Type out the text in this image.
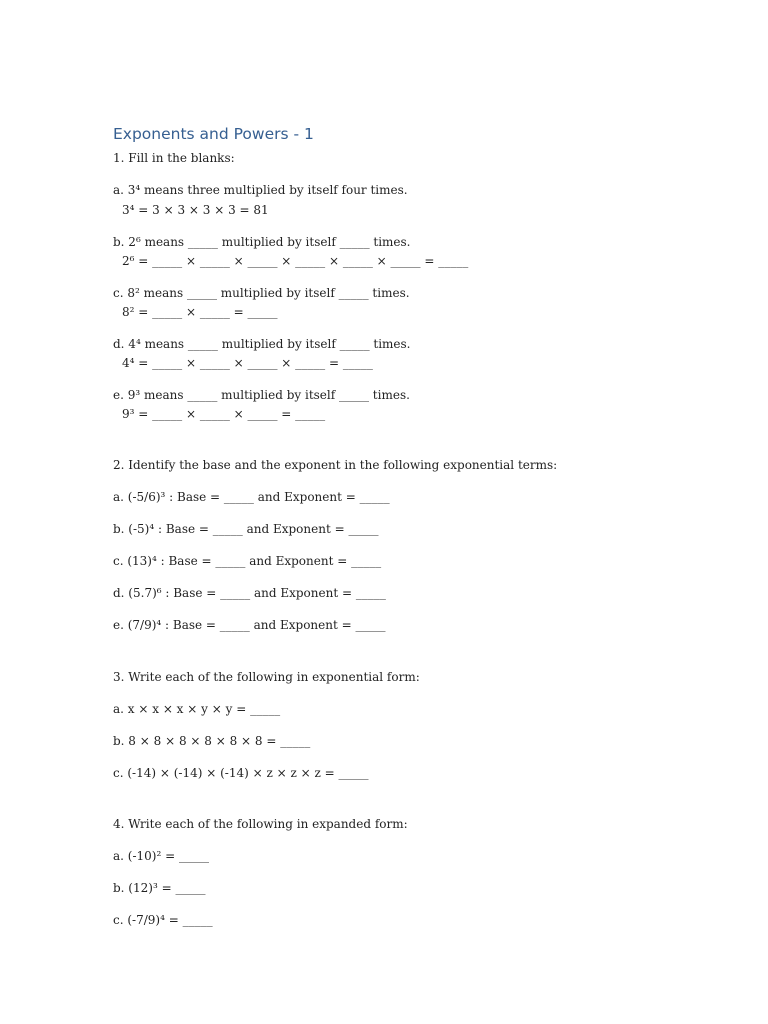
Exponents and Powers - 1
1. Fill in the blanks:
a. 3⁴ means three multiplied by itself four times.
3⁴ = 3 × 3 × 3 × 3 = 81
b. 2⁶ means _____ multiplied by itself _____ times.
2⁶ = _____ × _____ × _____ × _____ × _____ × _____ = _____
c. 8² means _____ multiplied by itself _____ times.
8² = _____ × _____ = _____
d. 4⁴ means _____ multiplied by itself _____ times.
4⁴ = _____ × _____ × _____ × _____ = _____
e. 9³ means _____ multiplied by itself _____ times.
9³ = _____ × _____ × _____ = _____
2. Identify the base and the exponent in the following exponential terms:
a. (-5/6)³ : Base = _____ and Exponent = _____
b. (-5)⁴ : Base = _____ and Exponent = _____
c. (13)⁴ : Base = _____ and Exponent = _____
d. (5.7)⁶ : Base = _____ and Exponent = _____
e. (7/9)⁴ : Base = _____ and Exponent = _____
3. Write each of the following in exponential form:
a. x × x × x × y × y = _____
b. 8 × 8 × 8 × 8 × 8 × 8 = _____
c. (-14) × (-14) × (-14) × z × z × z = _____
4. Write each of the following in expanded form:
a. (-10)² = _____
b. (12)³ = _____
c. (-7/9)⁴ = _____
